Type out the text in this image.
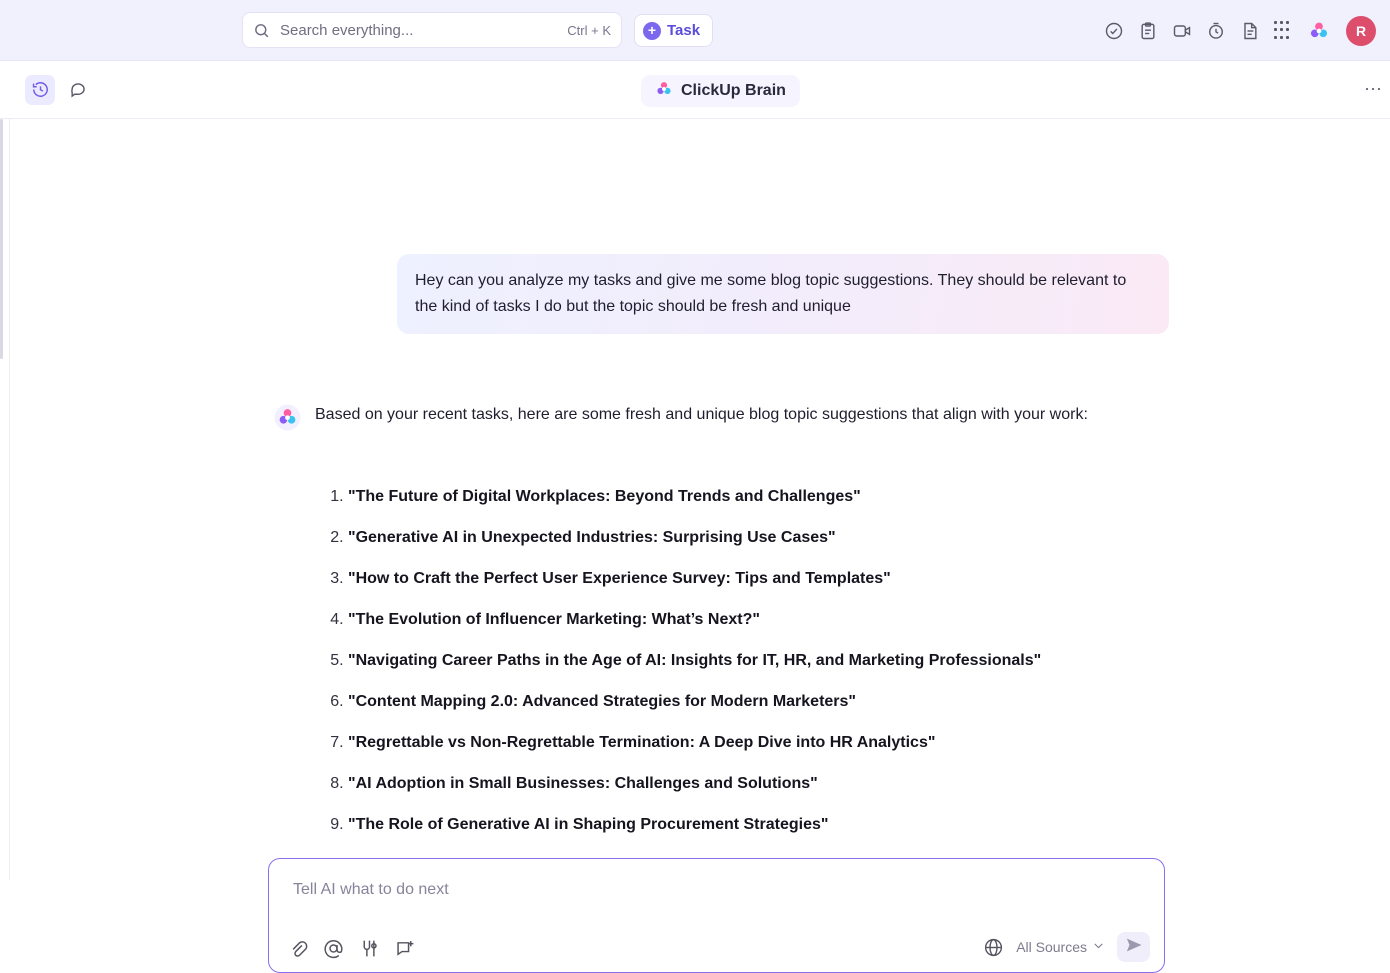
Search everything...
Ctrl + K	+ Task	R
ClickUp Brain	⋯
Hey can you analyze my tasks and give me some blog topic suggestions. They should be relevant to the kind of tasks I do but the topic should be fresh and unique
Based on your recent tasks, here are some fresh and unique blog topic suggestions that align with your work:
1. "The Future of Digital Workplaces: Beyond Trends and Challenges"
2. "Generative AI in Unexpected Industries: Surprising Use Cases"
3. "How to Craft the Perfect User Experience Survey: Tips and Templates"
4. "The Evolution of Influencer Marketing: What’s Next?"
5. "Navigating Career Paths in the Age of AI: Insights for IT, HR, and Marketing Professionals"
6. "Content Mapping 2.0: Advanced Strategies for Modern Marketers"
7. "Regrettable vs Non-Regrettable Termination: A Deep Dive into HR Analytics"
8. "AI Adoption in Small Businesses: Challenges and Solutions"
9. "The Role of Generative AI in Shaping Procurement Strategies"
Tell AI what to do next
All Sources
